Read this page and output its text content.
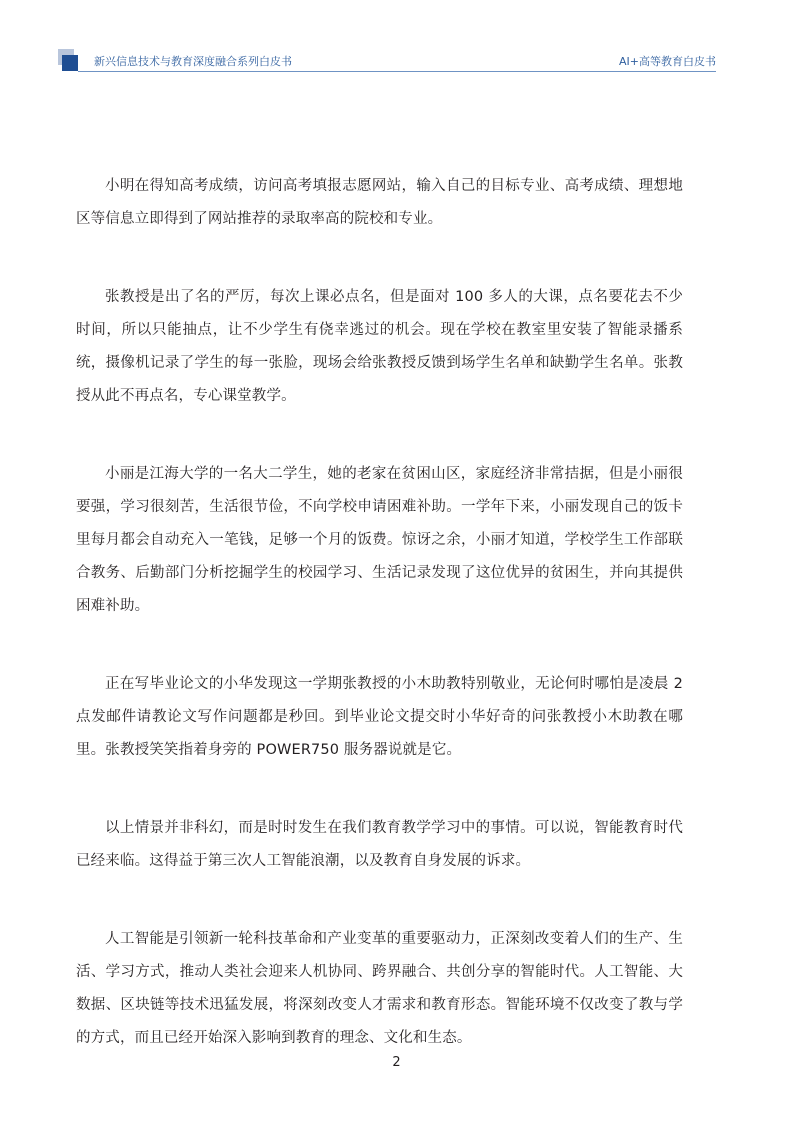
新兴信息技术与教育深度融合系列白皮书	AI+高等教育白皮书

小明在得知高考成绩，访问高考填报志愿网站，输入自己的目标专业、高考成绩、理想地区等信息立即得到了网站推荐的录取率高的院校和专业。

张教授是出了名的严厉，每次上课必点名，但是面对 100 多人的大课，点名要花去不少时间，所以只能抽点，让不少学生有侥幸逃过的机会。现在学校在教室里安装了智能录播系统，摄像机记录了学生的每一张脸，现场会给张教授反馈到场学生名单和缺勤学生名单。张教授从此不再点名，专心课堂教学。

小丽是江海大学的一名大二学生，她的老家在贫困山区，家庭经济非常拮据，但是小丽很要强，学习很刻苦，生活很节俭，不向学校申请困难补助。一学年下来，小丽发现自己的饭卡里每月都会自动充入一笔钱，足够一个月的饭费。惊讶之余，小丽才知道，学校学生工作部联合教务、后勤部门分析挖掘学生的校园学习、生活记录发现了这位优异的贫困生，并向其提供困难补助。

正在写毕业论文的小华发现这一学期张教授的小木助教特别敬业，无论何时哪怕是凌晨 2 点发邮件请教论文写作问题都是秒回。到毕业论文提交时小华好奇的问张教授小木助教在哪里。张教授笑笑指着身旁的 POWER750 服务器说就是它。

以上情景并非科幻，而是时时发生在我们教育教学学习中的事情。可以说，智能教育时代已经来临。这得益于第三次人工智能浪潮，以及教育自身发展的诉求。

人工智能是引领新一轮科技革命和产业变革的重要驱动力，正深刻改变着人们的生产、生活、学习方式，推动人类社会迎来人机协同、跨界融合、共创分享的智能时代。人工智能、大数据、区块链等技术迅猛发展，将深刻改变人才需求和教育形态。智能环境不仅改变了教与学的方式，而且已经开始深入影响到教育的理念、文化和生态。

2
